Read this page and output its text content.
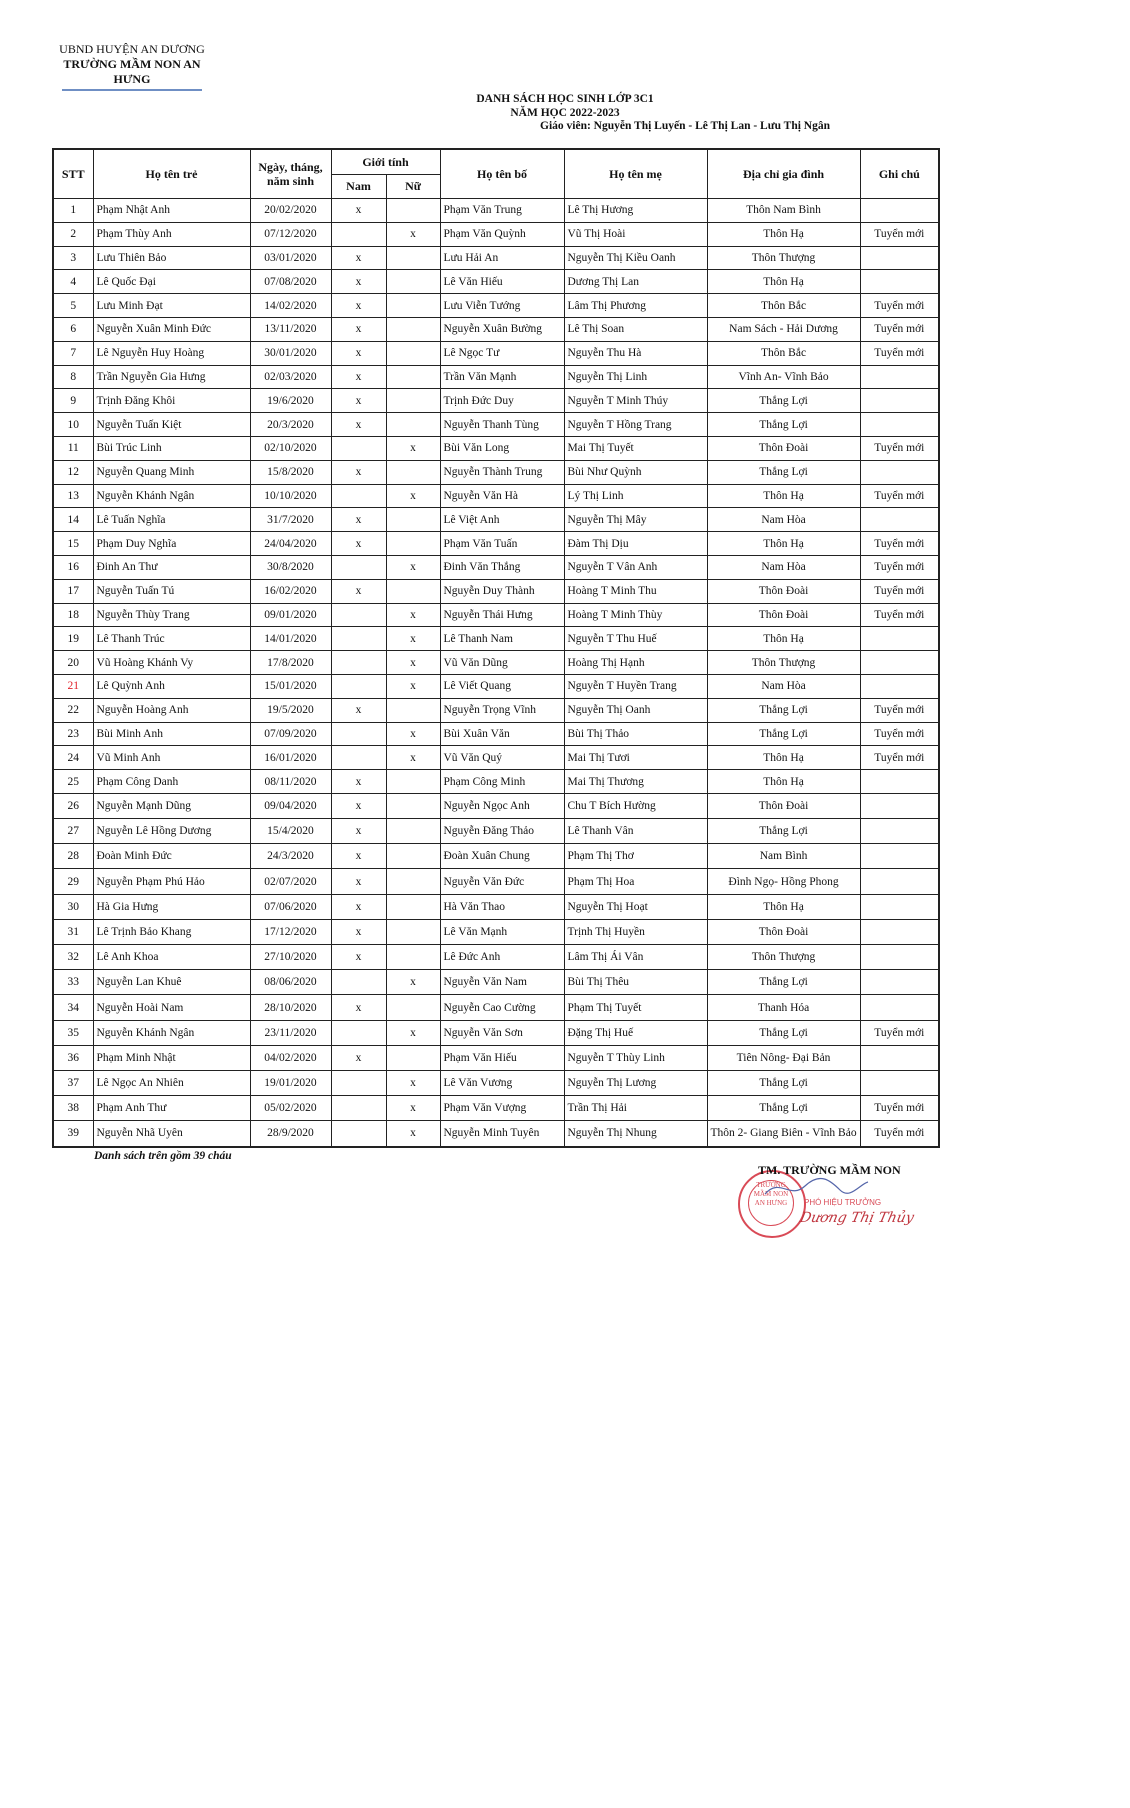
UBND HUYỆN AN DƯƠNG
TRƯỜNG MẦM NON AN HƯNG
DANH SÁCH HỌC SINH LỚP 3C1
NĂM HỌC 2022-2023
Giáo viên: Nguyễn Thị Luyến - Lê Thị Lan - Lưu Thị Ngân
STT	Họ tên trẻ	Ngày, tháng, năm sinh	Giới tính		Họ tên bố	Họ tên mẹ	Địa chỉ gia đình	Ghi chú
			Nam	Nữ				
1	Phạm Nhật Anh	20/02/2020	x		Phạm Văn Trung	Lê Thị Hương	Thôn Nam Bình	
2	Phạm Thùy Anh	07/12/2020		x	Phạm Văn Quỳnh	Vũ Thị Hoài	Thôn Hạ	Tuyển mới
3	Lưu Thiên Bảo	03/01/2020	x		Lưu Hải An	Nguyễn Thị Kiều Oanh	Thôn Thượng	
4	Lê Quốc Đại	07/08/2020	x		Lê Văn Hiếu	Dương Thị Lan	Thôn Hạ	
5	Lưu Minh Đạt	14/02/2020	x		Lưu Viễn Tướng	Lâm Thị Phương	Thôn Bắc	Tuyển mới
6	Nguyễn Xuân Minh Đức	13/11/2020	x		Nguyễn Xuân Bường	Lê Thị Soan	Nam Sách - Hải Dương	Tuyển mới
7	Lê Nguyễn Huy Hoàng	30/01/2020	x		Lê Ngọc Tư	Nguyễn Thu Hà	Thôn Bắc	Tuyển mới
8	Trần Nguyễn Gia Hưng	02/03/2020	x		Trần Văn Mạnh	Nguyễn Thị Linh	Vĩnh An- Vĩnh Bảo	
9	Trịnh Đăng Khôi	19/6/2020	x		Trịnh Đức Duy	Nguyễn T Minh Thúy	Thắng Lợi	
10	Nguyễn Tuấn Kiệt	20/3/2020	x		Nguyễn Thanh Tùng	Nguyễn T Hồng Trang	Thắng Lợi	
11	Bùi Trúc Linh	02/10/2020		x	Bùi Văn Long	Mai Thị Tuyết	Thôn Đoài	Tuyển mới
12	Nguyễn Quang Minh	15/8/2020	x		Nguyễn Thành Trung	Bùi Như Quỳnh	Thắng Lợi	
13	Nguyễn Khánh Ngân	10/10/2020		x	Nguyễn Văn Hà	Lý Thị Linh	Thôn Hạ	Tuyển mới
14	Lê Tuấn Nghĩa	31/7/2020	x		Lê Việt Anh	Nguyễn Thị Mây	Nam Hòa	
15	Phạm Duy Nghĩa	24/04/2020	x		Phạm Văn Tuấn	Đàm Thị Dịu	Thôn Hạ	Tuyển mới
16	Đinh An Thư	30/8/2020		x	Đinh Văn Thắng	Nguyễn T Vân Anh	Nam Hòa	Tuyển mới
17	Nguyễn Tuấn Tú	16/02/2020	x		Nguyễn Duy Thành	Hoàng T Minh Thu	Thôn Đoài	Tuyển mới
18	Nguyễn Thùy Trang	09/01/2020		x	Nguyễn Thái Hưng	Hoàng T Minh Thùy	Thôn Đoài	Tuyển mới
19	Lê Thanh Trúc	14/01/2020		x	Lê Thanh Nam	Nguyễn T Thu Huế	Thôn Hạ	
20	Vũ Hoàng Khánh Vy	17/8/2020		x	Vũ Văn Dũng	Hoàng Thị Hạnh	Thôn Thượng	
21	Lê Quỳnh Anh	15/01/2020		x	Lê Viết Quang	Nguyễn T Huyền Trang	Nam Hòa	
22	Nguyễn Hoàng Anh	19/5/2020	x		Nguyễn Trọng Vĩnh	Nguyễn Thị Oanh	Thắng Lợi	Tuyển mới
23	Bùi Minh Anh	07/09/2020		x	Bùi Xuân Văn	Bùi Thị Thảo	Thắng Lợi	Tuyển mới
24	Vũ Minh Anh	16/01/2020		x	Vũ Văn Quý	Mai Thị Tươi	Thôn Hạ	Tuyển mới
25	Phạm Công Danh	08/11/2020	x		Phạm Công Minh	Mai Thị Thương	Thôn Hạ	
26	Nguyễn Mạnh Dũng	09/04/2020	x		Nguyễn Ngọc Anh	Chu T Bích Hường	Thôn Đoài	
27	Nguyễn Lê Hồng Dương	15/4/2020	x		Nguyễn Đăng Thảo	Lê Thanh Vân	Thắng Lợi	
28	Đoàn Minh Đức	24/3/2020	x		Đoàn Xuân Chung	Phạm Thị Thơ	Nam Bình	
29	Nguyễn Phạm Phú Hảo	02/07/2020	x		Nguyễn Văn Đức	Phạm Thị Hoa	Đình Ngọ- Hồng Phong	
30	Hà Gia Hưng	07/06/2020	x		Hà Văn Thao	Nguyễn Thị Hoạt	Thôn Hạ	
31	Lê Trịnh Bảo Khang	17/12/2020	x		Lê Văn Mạnh	Trịnh Thị Huyền	Thôn Đoài	
32	Lê Anh Khoa	27/10/2020	x		Lê Đức Anh	Lâm Thị Ái Vân	Thôn Thượng	
33	Nguyễn Lan Khuê	08/06/2020		x	Nguyễn Văn Nam	Bùi Thị Thêu	Thắng Lợi	
34	Nguyễn Hoài Nam	28/10/2020	x		Nguyễn Cao Cường	Phạm Thị Tuyết	Thanh Hóa	
35	Nguyễn Khánh Ngân	23/11/2020		x	Nguyễn Văn Sơn	Đặng Thị Huế	Thắng Lợi	Tuyển mới
36	Phạm Minh Nhật	04/02/2020	x		Phạm Văn Hiếu	Nguyễn T Thùy Linh	Tiên Nông- Đại Bản	
37	Lê Ngọc An Nhiên	19/01/2020		x	Lê Văn Vương	Nguyễn Thị Lương	Thắng Lợi	
38	Phạm Anh Thư	05/02/2020		x	Phạm Văn Vượng	Trần Thị Hải	Thắng Lợi	Tuyển mới
39	Nguyễn Nhã Uyên	28/9/2020		x	Nguyễn Minh Tuyên	Nguyễn Thị Nhung	Thôn 2- Giang Biên - Vĩnh Bảo	Tuyển mới
Danh sách trên gồm 39 cháu
TRƯỜNG
MẦM NON
AN HƯNG
TM. TRƯỜNG MẦM NON
PHÓ HIỆU TRƯỞNG
Dương Thị Thủy
